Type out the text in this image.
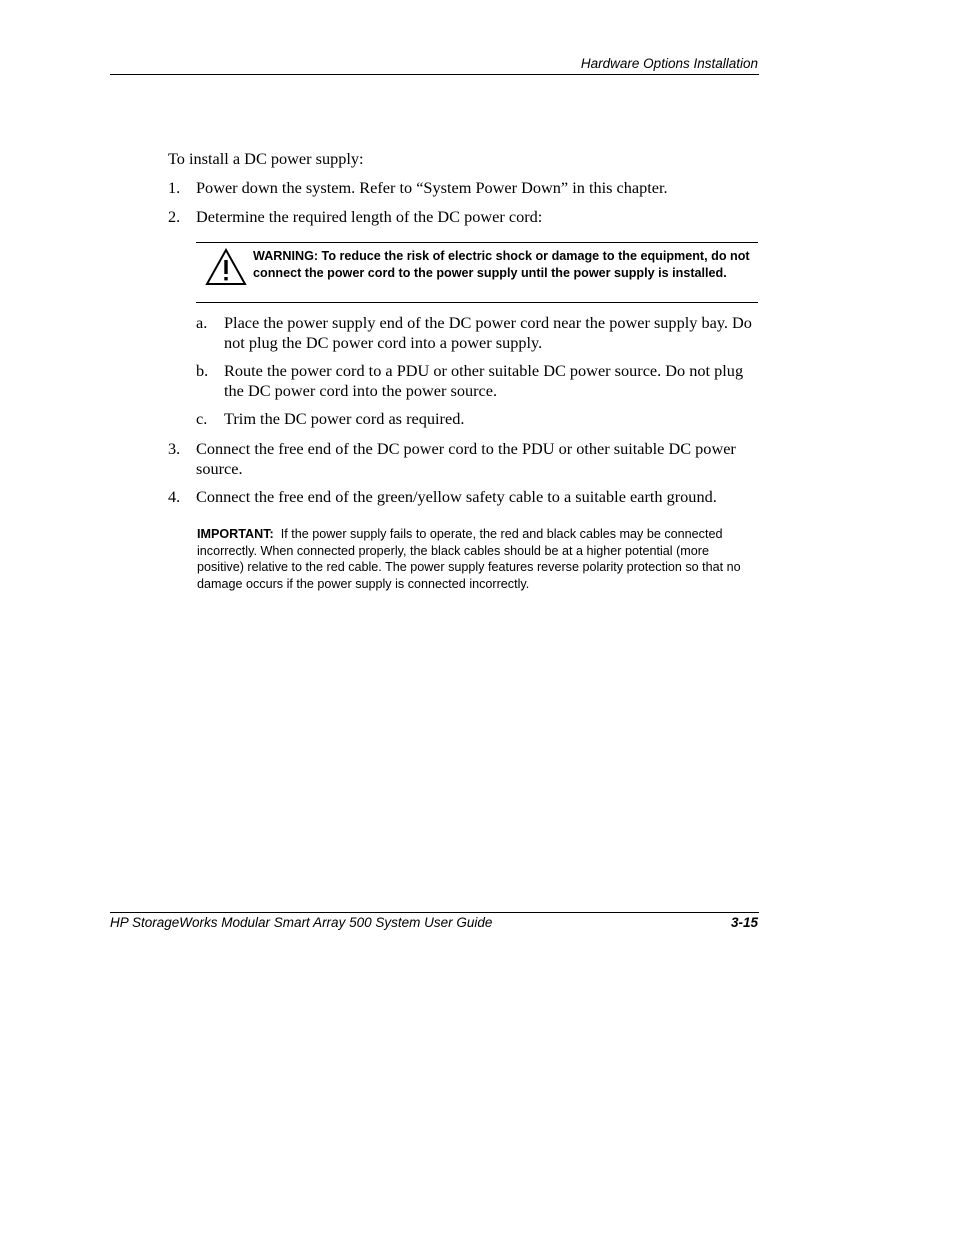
Hardware Options Installation
To install a DC power supply:
1. Power down the system. Refer to “System Power Down” in this chapter.
2. Determine the required length of the DC power cord:
WARNING: To reduce the risk of electric shock or damage to the equipment, do not connect the power cord to the power supply until the power supply is installed.
a. Place the power supply end of the DC power cord near the power supply bay. Do not plug the DC power cord into a power supply.
b. Route the power cord to a PDU or other suitable DC power source. Do not plug the DC power cord into the power source.
c. Trim the DC power cord as required.
3. Connect the free end of the DC power cord to the PDU or other suitable DC power source.
4. Connect the free end of the green/yellow safety cable to a suitable earth ground.
IMPORTANT: If the power supply fails to operate, the red and black cables may be connected incorrectly. When connected properly, the black cables should be at a higher potential (more positive) relative to the red cable. The power supply features reverse polarity protection so that no damage occurs if the power supply is connected incorrectly.
HP StorageWorks Modular Smart Array 500 System User Guide	3-15
